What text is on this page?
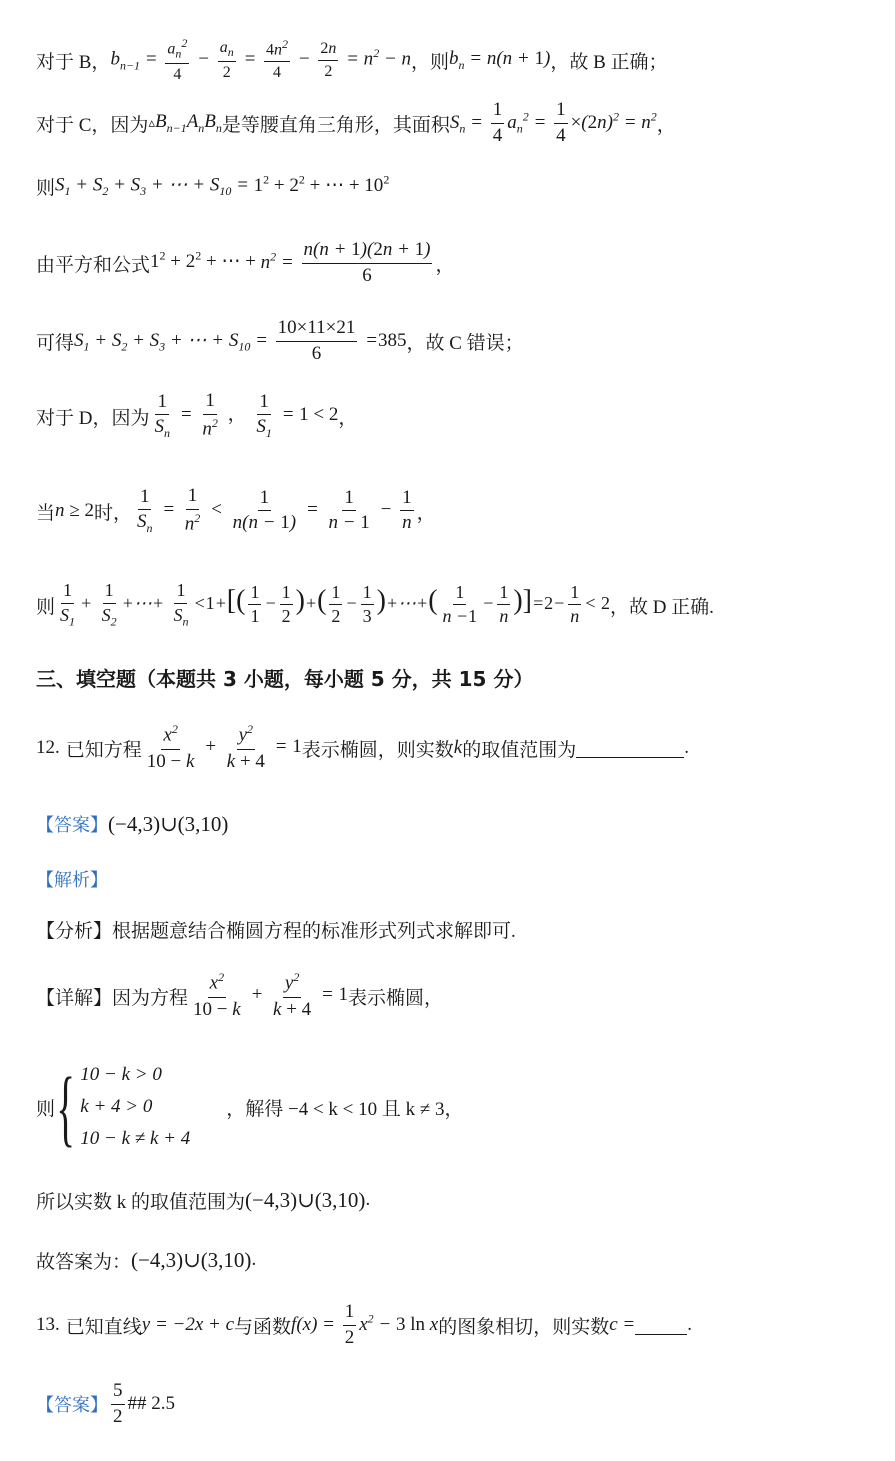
对于 B， $b_{n-1} = \frac{a_n^2}{4} - \frac{a_n}{2} = \frac{4n^2}{4} - \frac{2n}{2} = n^2 - n$ ，则 $b_n = n(n + 1)$ ，故 B 正确；
对于 C，因为 $▵B_{n-1}A_nB_n$ 是等腰直角三角形，其面积 $S_n = \frac{1}{4} a_n^2 = \frac{1}{4} \times(2n)^2 = n^2$ ，
则 $S_1 + S_2 + S_3$ + ⋯ + $S_{10} = 1^2 + 2^2$ + ⋯ + $10^2$
由平方和公式 $1^2 + 2^2$ + ⋯ + $n^2 = \frac{n(n + 1)(2n + 1)}{6}$ ，
可得 $S_1 + S_2 + S_3$ + ⋯ + $S_{10} = \frac{10\times 11\times 21}{6} = 385$ ，故 C 错误；
对于 D，因为 $\frac{1}{S_n} = \frac{1}{n^2}$ ， $\frac{1}{S_1} = 1 < 2$ ，
当 n ≥ 2 时， $\frac{1}{S_n} = \frac{1}{n^2} < \frac{1}{n(n - 1)} = \frac{1}{n - 1} - \frac{1}{n}$ ，
则 $\frac{1}{S_1} + \frac{1}{S_2}$ +⋯+ $\frac{1}{S_n} <1+[( \frac{1}{1} - \frac{1}{2}$ )+( $\frac{1}{2} - \frac{1}{3}$ )+⋯+( $\frac{1}{n -1} - \frac{1}{n} )]=2- \frac{1}{n} < 2$ ，故 D 正确.
三、填空题（本题共 3 小题，每小题 5 分，共 15 分）
12. 已知方程 $\frac{x^2}{10 - k} + \frac{y^2}{k + 4} = 1$ 表示椭圆，则实数 k 的取值范围为	.
【答案】 (−4,3)∪(3,10)
【解析】
【分析】 根据题意结合椭圆方程的标准形式列式求解即可.
【详解】 因为方程 $\frac{x^2}{10 - k} + \frac{y^2}{k + 4} = 1$ 表示椭圆，
则 { 10 − k > 0
k + 4 > 0
10 − k ≠ k + 4
，解得 −4 < k < 10 且 k ≠ 3，
所以实数 k 的取值范围为 (−4,3)∪(3,10) .
故答案为： (−4,3)∪(3,10) .
13. 已知直线 y = −2x + c 与函数 $f(x) = \frac{1}{2} x^2 - 3$ ln x 的图象相切，则实数 c =	.
【答案】 $\frac{5}{2}$ ## 2.5
